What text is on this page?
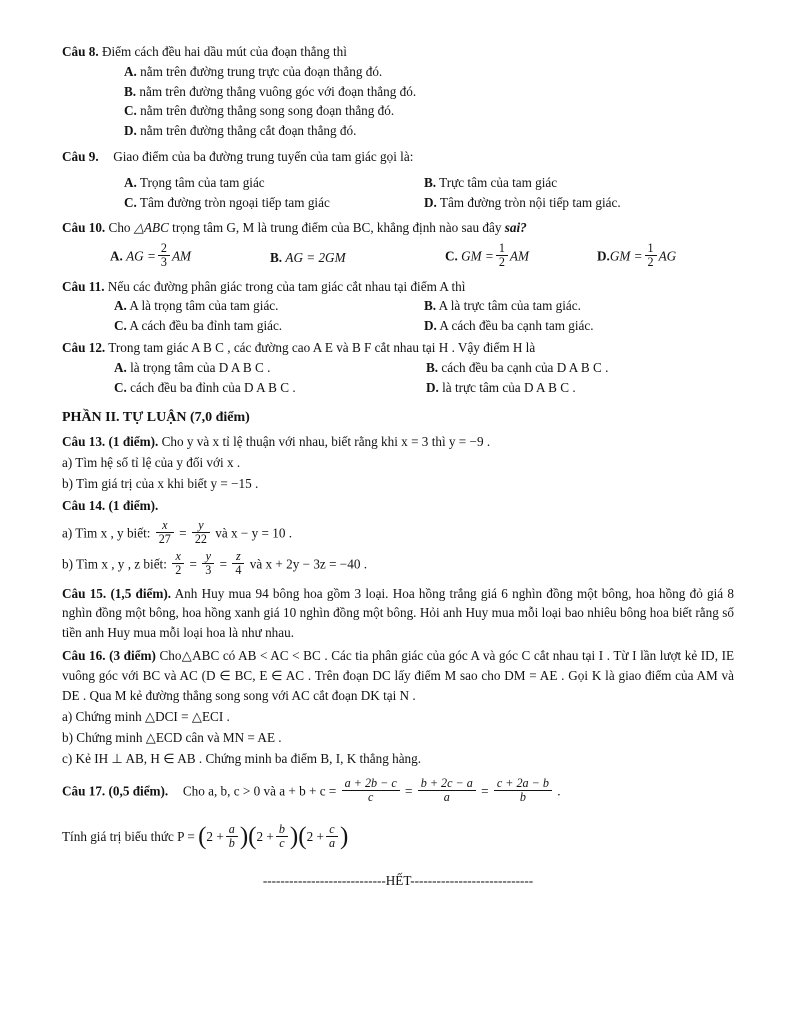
Câu 8. Điểm cách đều hai dầu mút của đoạn thẳng thì
A. nằm trên đường trung trực của đoạn thẳng đó.
B. nằm trên đường thẳng vuông góc với đoạn thẳng đó.
C. nằm trên đường thẳng song song đoạn thẳng đó.
D. nằm trên đường thẳng cắt đoạn thẳng đó.
Câu 9. Giao điểm của ba đường trung tuyến của tam giác gọi là:
A. Trọng tâm của tam giác	B. Trực tâm của tam giác
C. Tâm đường tròn ngoại tiếp tam giác	D. Tâm đường tròn nội tiếp tam giác.
Câu 10. Cho △ABC trọng tâm G, M là trung điểm của BC, khẳng định nào sau đây sai?
A. AG = $\frac{2}{3}$ AM	B. AG = 2GM	C. GM = $\frac{1}{2}$ AM	$D.GM = \frac{1}{2}$ AG
Câu 11. Nếu các đường phân giác trong của tam giác cắt nhau tại điểm A thì
A. A là trọng tâm của tam giác.	B. A là trực tâm của tam giác.
C. A cách đều ba đỉnh tam giác.	D. A cách đều ba cạnh tam giác.
Câu 12. Trong tam giác A B C , các đường cao A E và B F cắt nhau tại H . Vậy điểm H là
A. là trọng tâm của D A B C .	B. cách đều ba cạnh của D A B C .
C. cách đều ba đỉnh của D A B C .	D. là trực tâm của D A B C .
PHẦN II. TỰ LUẬN (7,0 điểm)
Câu 13. (1 điểm). Cho y và x tỉ lệ thuận với nhau, biết rằng khi x = 3 thì y = −9 .
a) Tìm hệ số tỉ lệ của y đối với x .
b) Tìm giá trị của x khi biết y = −15 .
Câu 14. (1 điểm).
a) Tìm x , y biết: $\frac{x}{27} = \frac{y}{22}$ và x − y = 10 .
b) Tìm x , y , z biết: $\frac{x}{2} = \frac{y}{3} = \frac{z}{4}$ và x + 2y − 3z = −40 .
Câu 15. (1,5 điểm). Anh Huy mua 94 bông hoa gồm 3 loại. Hoa hồng trắng giá 6 nghìn đồng một bông, hoa hồng đỏ giá 8 nghìn đồng một bông, hoa hồng xanh giá 10 nghìn đồng một bông. Hỏi anh Huy mua mỗi loại bao nhiêu bông hoa biết rằng số tiền anh Huy mua mỗi loại hoa là như nhau.
Câu 16. (3 điểm) Cho△ABC có AB < AC < BC . Các tia phân giác của góc A và góc C cắt nhau tại I . Từ I lần lượt kẻ ID, IE vuông góc với BC và AC (D ∈ BC, E ∈ AC . Trên đoạn DC lấy điểm M sao cho DM = AE . Gọi K là giao điểm của AM và DE . Qua M kẻ đường thẳng song song với AC cắt đoạn DK tại N .
a) Chứng minh △DCI = △ECI .
b) Chứng minh △ECD cân và MN = AE .
c) Kẻ IH ⊥ AB, H ∈ AB . Chứng minh ba điểm B, I, K thẳng hàng.
Câu 17. (0,5 điểm). Cho a, b, c > 0 và $a + b + c = \frac{a + 2b - c}{c} = \frac{b + 2c - a}{a} = \frac{c + 2a - b}{b}$ .
Tính giá trị biểu thức $P = (2 + \frac{a}{b} )(2 + \frac{b}{c} )(2 + \frac{c}{a}$ )
----------------------------HẾT----------------------------
